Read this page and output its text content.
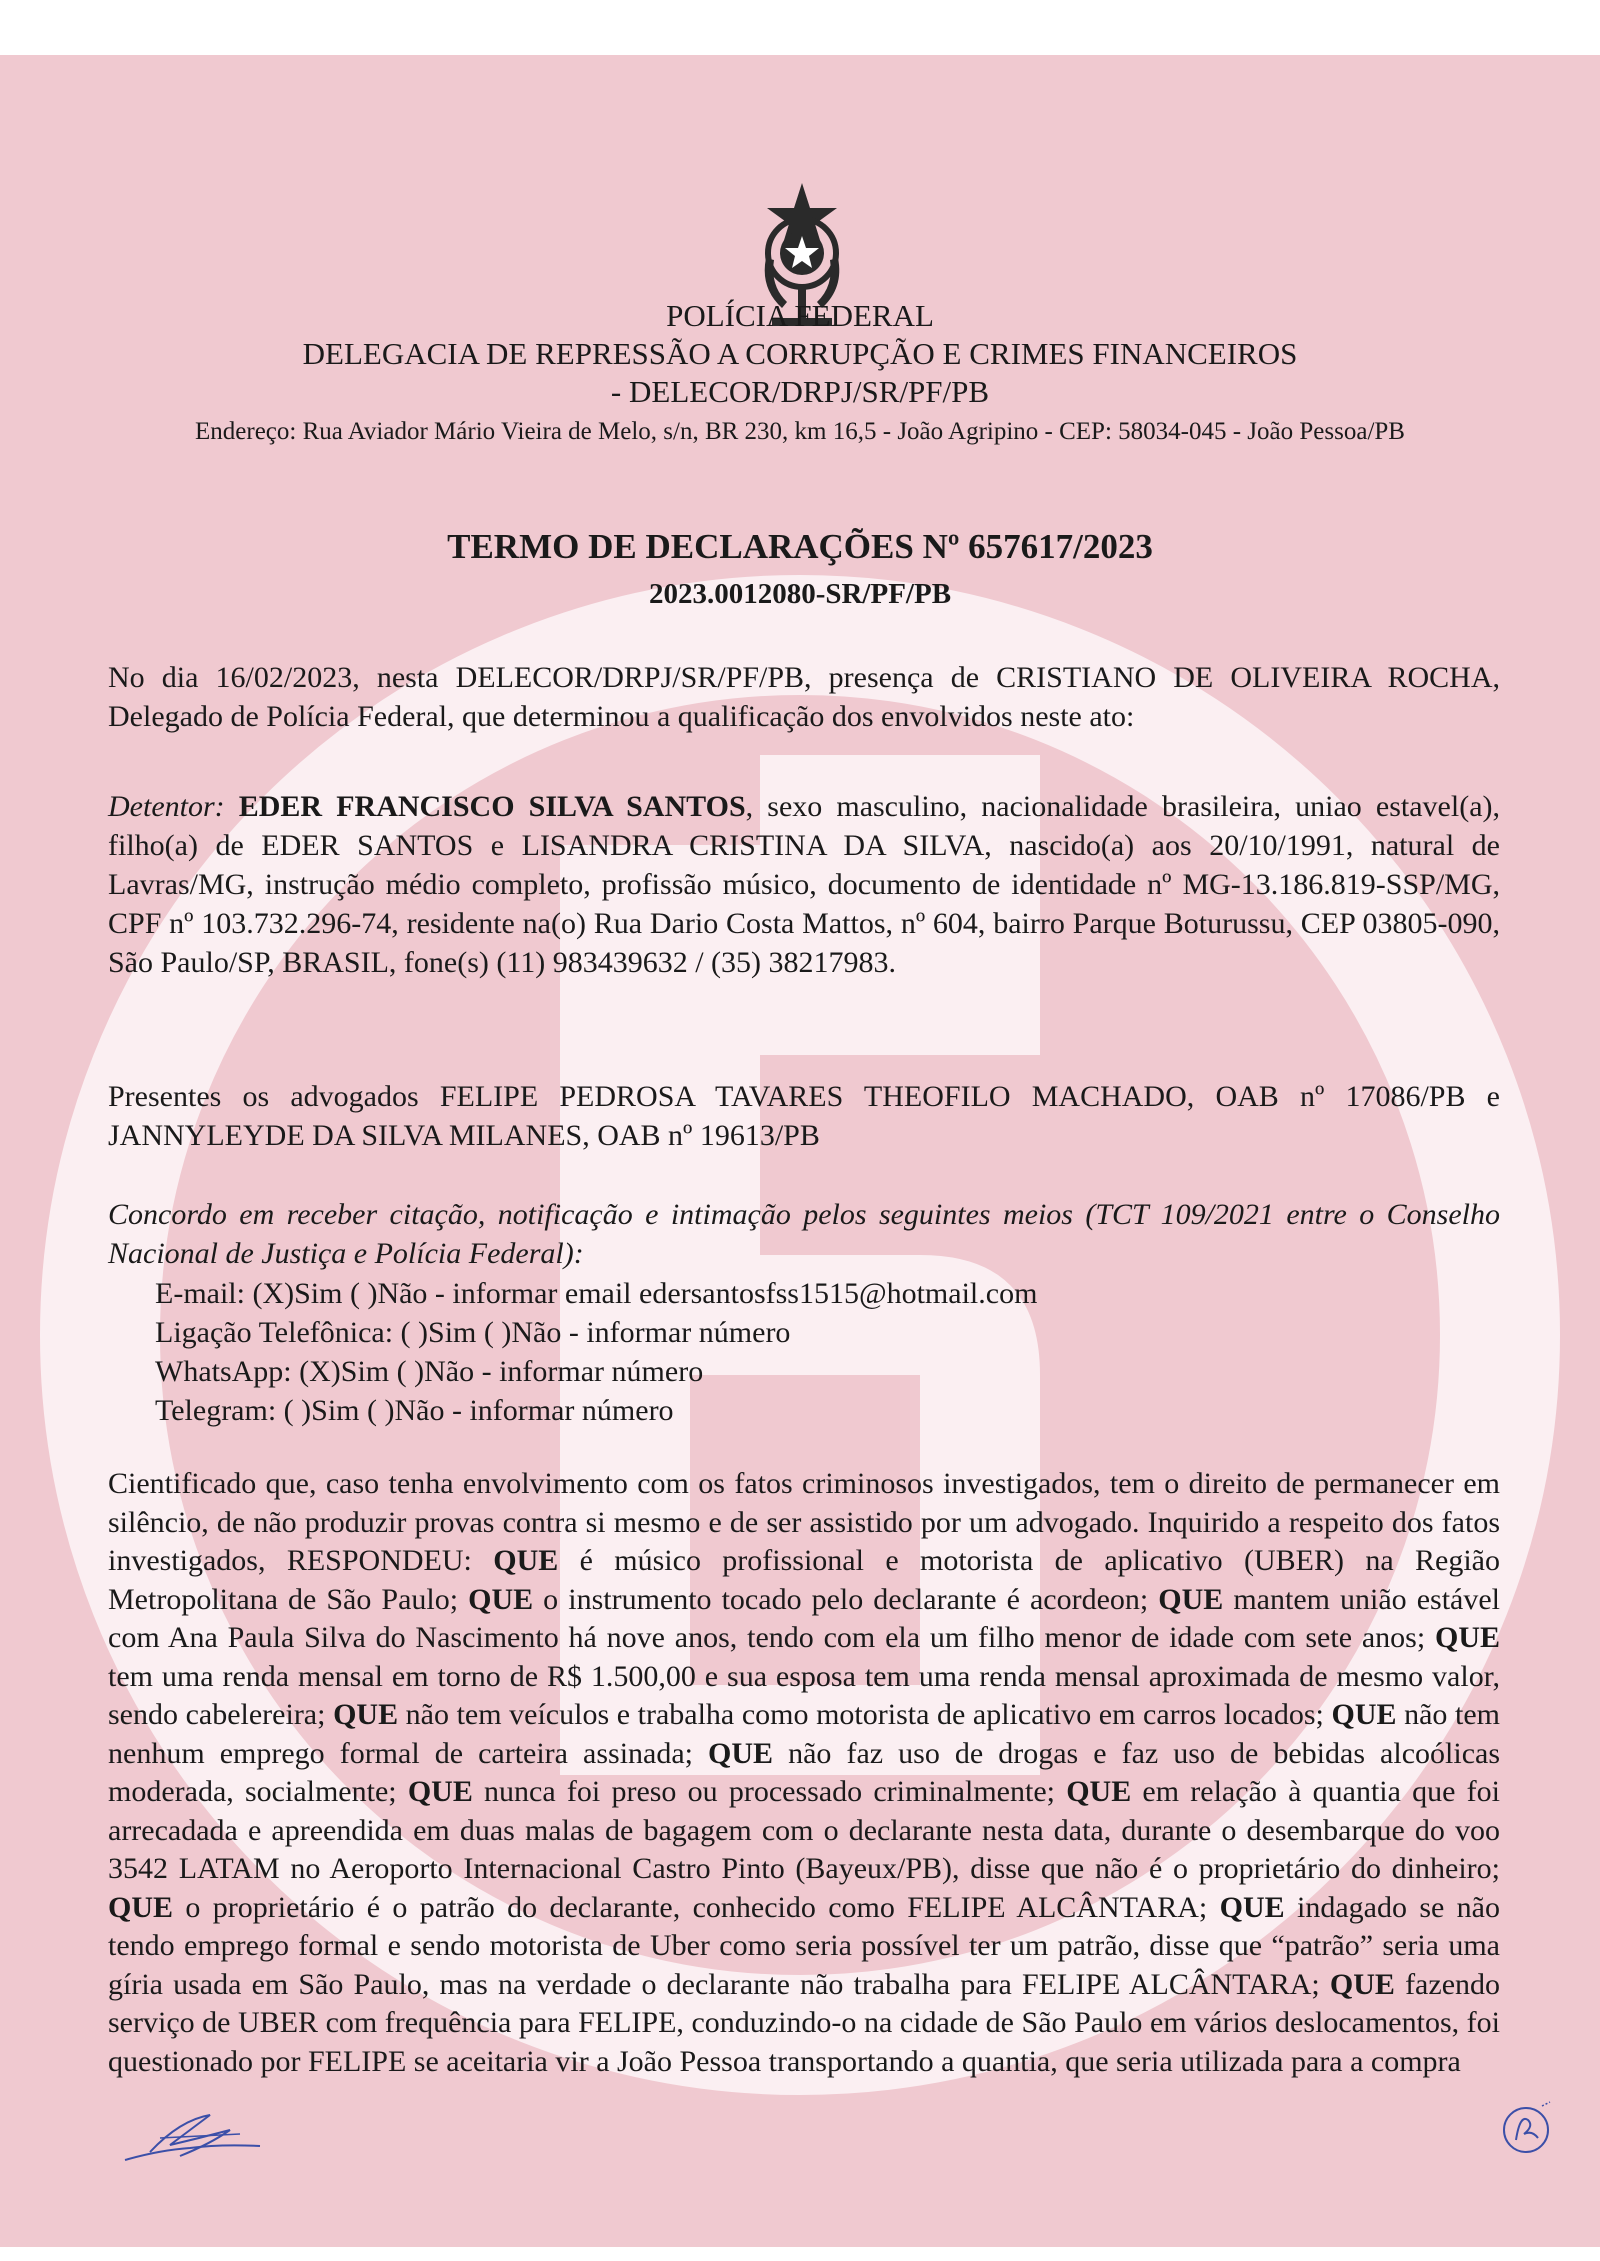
POLÍCIA FEDERAL
DELEGACIA DE REPRESSÃO A CORRUPÇÃO E CRIMES FINANCEIROS
- DELECOR/DRPJ/SR/PF/PB
Endereço: Rua Aviador Mário Vieira de Melo, s/n, BR 230, km 16,5 - João Agripino - CEP: 58034-045 - João Pessoa/PB
TERMO DE DECLARAÇÕES Nº 657617/2023
2023.0012080-SR/PF/PB

No dia 16/02/2023, nesta DELECOR/DRPJ/SR/PF/PB, presença de CRISTIANO DE OLIVEIRA ROCHA, Delegado de Polícia Federal, que determinou a qualificação dos envolvidos neste ato:

Detentor: EDER FRANCISCO SILVA SANTOS, sexo masculino, nacionalidade brasileira, uniao estavel(a), filho(a) de EDER SANTOS e LISANDRA CRISTINA DA SILVA, nascido(a) aos 20/10/1991, natural de Lavras/MG, instrução médio completo, profissão músico, documento de identidade nº MG-13.186.819-SSP/MG, CPF nº 103.732.296-74, residente na(o) Rua Dario Costa Mattos, nº 604, bairro Parque Boturussu, CEP 03805-090, São Paulo/SP, BRASIL, fone(s) (11) 983439632 / (35) 38217983.

Presentes os advogados FELIPE PEDROSA TAVARES THEOFILO MACHADO, OAB nº 17086/PB e JANNYLEYDE DA SILVA MILANES, OAB nº 19613/PB

Concordo em receber citação, notificação e intimação pelos seguintes meios (TCT 109/2021 entre o Conselho Nacional de Justiça e Polícia Federal):

E-mail: (X)Sim ( )Não - informar email edersantosfss1515@hotmail.com
Ligação Telefônica: ( )Sim ( )Não - informar número
WhatsApp: (X)Sim ( )Não - informar número
Telegram: ( )Sim ( )Não - informar número

Cientificado que, caso tenha envolvimento com os fatos criminosos investigados, tem o direito de permanecer em silêncio, de não produzir provas contra si mesmo e de ser assistido por um advogado. Inquirido a respeito dos fatos investigados, RESPONDEU: QUE é músico profissional e motorista de aplicativo (UBER) na Região Metropolitana de São Paulo; QUE o instrumento tocado pelo declarante é acordeon; QUE mantem união estável com Ana Paula Silva do Nascimento há nove anos, tendo com ela um filho menor de idade com sete anos; QUE tem uma renda mensal em torno de R$ 1.500,00 e sua esposa tem uma renda mensal aproximada de mesmo valor, sendo cabelereira; QUE não tem veículos e trabalha como motorista de aplicativo em carros locados; QUE não tem nenhum emprego formal de carteira assinada; QUE não faz uso de drogas e faz uso de bebidas alcoólicas moderada, socialmente; QUE nunca foi preso ou processado criminalmente; QUE em relação à quantia que foi arrecadada e apreendida em duas malas de bagagem com o declarante nesta data, durante o desembarque do voo 3542 LATAM no Aeroporto Internacional Castro Pinto (Bayeux/PB), disse que não é o proprietário do dinheiro; QUE o proprietário é o patrão do declarante, conhecido como FELIPE ALCÂNTARA; QUE indagado se não tendo emprego formal e sendo motorista de Uber como seria possível ter um patrão, disse que “patrão” seria uma gíria usada em São Paulo, mas na verdade o declarante não trabalha para FELIPE ALCÂNTARA; QUE fazendo serviço de UBER com frequência para FELIPE, conduzindo-o na cidade de São Paulo em vários deslocamentos, foi questionado por FELIPE se aceitaria vir a João Pessoa transportando a quantia, que seria utilizada para a compra
